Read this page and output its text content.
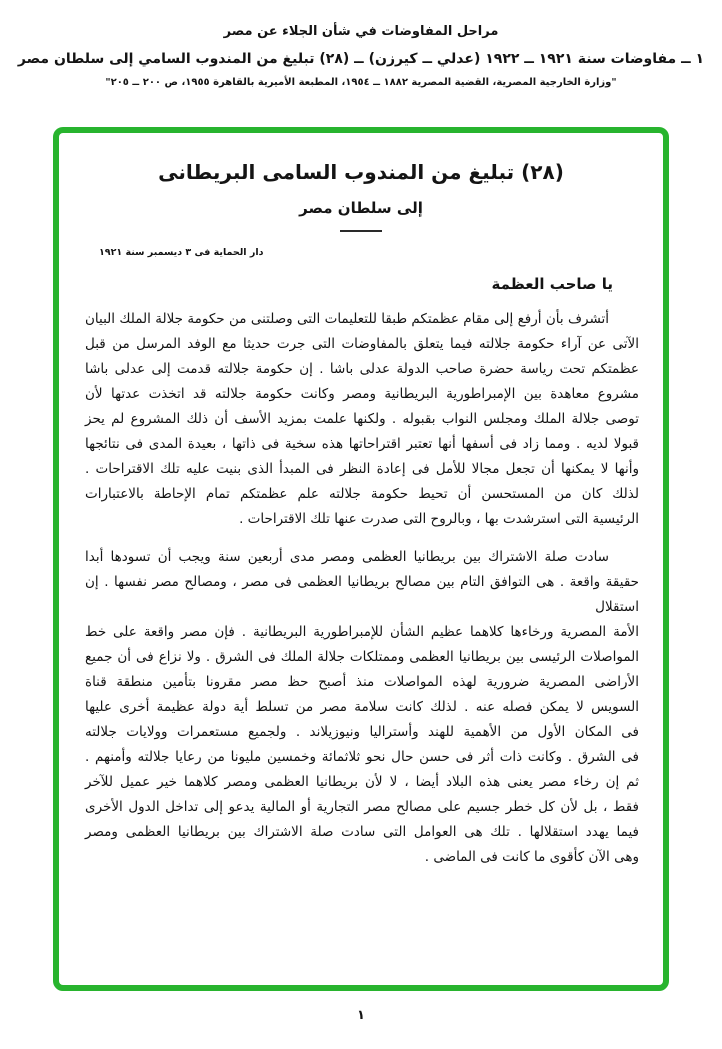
مراحل المفاوضات في شأن الجلاء عن مصر
١ ــ مفاوضات سنة ١٩٢١ ــ ١٩٢٢ (عدلي ــ كيرزن) ــ (٢٨) تبليغ من المندوب السامي إلى سلطان مصر
"وزارة الخارجية المصرية، القضية المصرية ١٨٨٢ ــ ١٩٥٤، المطبعة الأميرية بالقاهرة ١٩٥٥، ص ٢٠٠ ــ ٢٠٥"
(٢٨) تبليغ من المندوب السامى البريطانى
إلى سلطان مصر
دار الحماية فى ٣ ديسمبر سنة ١٩٢١
يا صاحب العظمة
أتشرف بأن أرفع إلى مقام عظمتكم طبقا للتعليمات التى وصلتنى من حكومة جلالة الملك البيان
الآتى عن آراء حكومة جلالته فيما يتعلق بالمفاوضات التى جرت حديثا مع الوفد المرسل من قبل
عظمتكم تحت رياسة حضرة صاحب الدولة عدلى باشا . إن حكومة جلالته قدمت إلى عدلى باشا
مشروع معاهدة بين الإمبراطورية البريطانية ومصر وكانت حكومة جلالته قد اتخذت عدتها لأن
توصى جلالة الملك ومجلس النواب بقبوله . ولكنها علمت بمزيد الأسف أن ذلك المشروع لم يحز
قبولا لديه . ومما زاد فى أسفها أنها تعتبر اقتراحاتها هذه سخية فى ذاتها ، بعيدة المدى فى نتائجها
وأنها لا يمكنها أن تجعل مجالا للأمل فى إعادة النظر فى المبدأ الذى بنيت عليه تلك الاقتراحات .
لذلك كان من المستحسن أن تحيط حكومة جلالته علم عظمتكم تمام الإحاطة بالاعتبارات
الرئيسية التى استرشدت بها ، وبالروح التى صدرت عنها تلك الاقتراحات .
سادت صلة الاشتراك بين بريطانيا العظمى ومصر مدى أربعين سنة ويجب أن تسودها أبدا
حقيقة واقعة . هى التوافق التام بين مصالح بريطانيا العظمى فى مصر ، ومصالح مصر نفسها . إن استقلال
الأمة المصرية ورخاءها كلاهما عظيم الشأن للإمبراطورية البريطانية . فإن مصر واقعة على خط
المواصلات الرئيسى بين بريطانيا العظمى وممتلكات جلالة الملك فى الشرق . ولا نزاع فى أن جميع
الأراضى المصرية ضرورية لهذه المواصلات منذ أصبح حظ مصر مقرونا بتأمين منطقة قناة
السويس لا يمكن فصله عنه . لذلك كانت سلامة مصر من تسلط أية دولة عظيمة أخرى عليها
فى المكان الأول من الأهمية للهند وأستراليا ونيوزيلاند . ولجميع مستعمرات وولايات جلالته
فى الشرق . وكانت ذات أثر فى حسن حال نحو ثلاثمائة وخمسين مليونا من رعايا جلالته وأمنهم .
ثم إن رخاء مصر يعنى هذه البلاد أيضا ، لا لأن بريطانيا العظمى ومصر كلاهما خير عميل للآخر
فقط ، بل لأن كل خطر جسيم على مصالح مصر التجارية أو المالية يدعو إلى تداخل الدول الأخرى
فيما يهدد استقلالها . تلك هى العوامل التى سادت صلة الاشتراك بين بريطانيا العظمى ومصر
وهى الآن كأقوى ما كانت فى الماضى .
١
